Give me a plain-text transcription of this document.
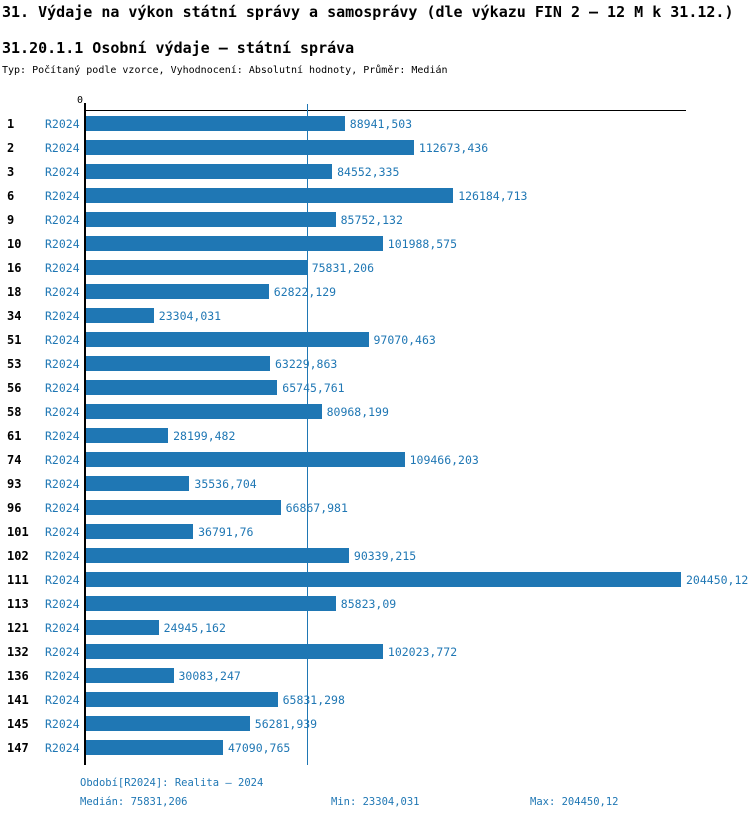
31. Výdaje na výkon státní správy a samosprávy (dle výkazu FIN 2 – 12 M k 31.12.)
31.20.1.1 Osobní výdaje – státní správa
Typ: Počítaný podle vzorce, Vyhodnocení: Absolutní hodnoty, Průměr: Medián
0
1	R2024	88941,503
2	R2024	112673,436
3	R2024	84552,335
6	R2024	126184,713
9	R2024	85752,132
10 R2024	101988,575
16 R2024	75831,206
18 R2024	62822,129
34 R2024	23304,031
51 R2024	97070,463
53 R2024	63229,863
56 R2024	65745,761
58 R2024	80968,199
61 R2024	28199,482
74 R2024	109466,203
93 R2024	35536,704
96 R2024	66867,981
101 R2024	36791,76
102 R2024	90339,215
111 R2024	204450,12
113 R2024	85823,09
121 R2024	24945,162
132 R2024	102023,772
136 R2024	30083,247
141 R2024	65831,298
145 R2024	56281,939
147 R2024	47090,765
Období[R2024]: Realita – 2024
Medián: 75831,206	Min: 23304,031	Max: 204450,12
